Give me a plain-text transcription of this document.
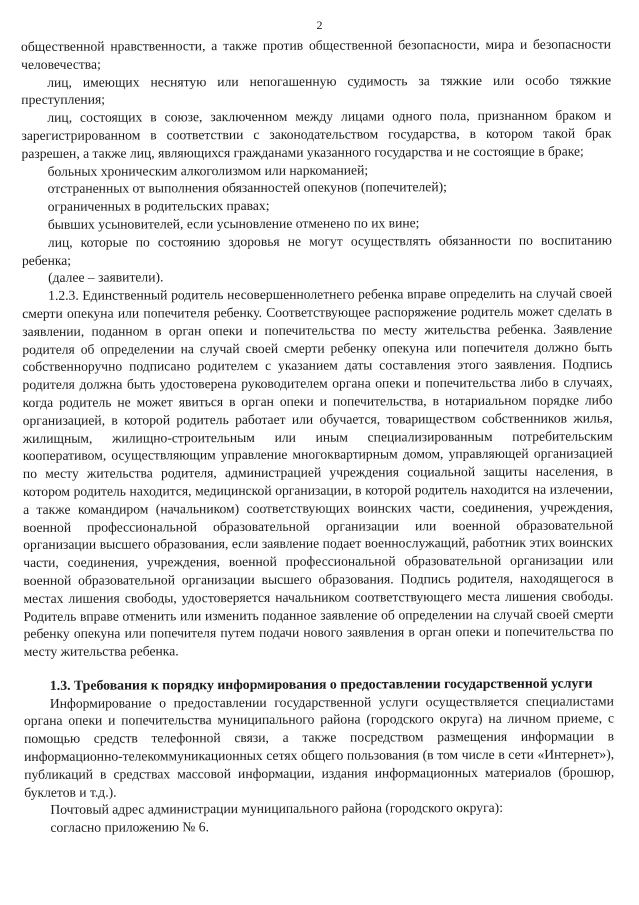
2

общественной нравственности, а также против общественной безопасности, мира и безопасности человечества;

лиц, имеющих неснятую или непогашенную судимость за тяжкие или особо тяжкие преступления;

лиц, состоящих в союзе, заключенном между лицами одного пола, признанном браком и зарегистрированном в соответствии с законодательством государства, в котором такой брак разрешен, а также лиц, являющихся гражданами указанного государства и не состоящие в браке;

больных хроническим алкоголизмом или наркоманией;

отстраненных от выполнения обязанностей опекунов (попечителей);

ограниченных в родительских правах;

бывших усыновителей, если усыновление отменено по их вине;

лиц, которые по состоянию здоровья не могут осуществлять обязанности по воспитанию ребенка;

(далее – заявители).

1.2.3. Единственный родитель несовершеннолетнего ребенка вправе определить на случай своей смерти опекуна или попечителя ребенку. Соответствующее распоряжение родитель может сделать в заявлении, поданном в орган опеки и попечительства по месту жительства ребенка. Заявление родителя об определении на случай своей смерти ребенку опекуна или попечителя должно быть собственноручно подписано родителем с указанием даты составления этого заявления. Подпись родителя должна быть удостоверена руководителем органа опеки и попечительства либо в случаях, когда родитель не может явиться в орган опеки и попечительства, в нотариальном порядке либо организацией, в которой родитель работает или обучается, товариществом собственников жилья, жилищным, жилищно-строительным или иным специализированным потребительским кооперативом, осуществляющим управление многоквартирным домом, управляющей организацией по месту жительства родителя, администрацией учреждения социальной защиты населения, в котором родитель находится, медицинской организации, в которой родитель находится на излечении, а также командиром (начальником) соответствующих воинских части, соединения, учреждения, военной профессиональной образовательной организации или военной образовательной организации высшего образования, если заявление подает военнослужащий, работник этих воинских части, соединения, учреждения, военной профессиональной образовательной организации или военной образовательной организации высшего образования. Подпись родителя, находящегося в местах лишения свободы, удостоверяется начальником соответствующего места лишения свободы. Родитель вправе отменить или изменить поданное заявление об определении на случай своей смерти ребенку опекуна или попечителя путем подачи нового заявления в орган опеки и попечительства по месту жительства ребенка.

1.3. Требования к порядку информирования о предоставлении государственной услуги

Информирование о предоставлении государственной услуги осуществляется специалистами органа опеки и попечительства муниципального района (городского округа) на личном приеме, с помощью средств телефонной связи, а также посредством размещения информации в информационно-телекоммуникационных сетях общего пользования (в том числе в сети «Интернет»), публикаций в средствах массовой информации, издания информационных материалов (брошюр, буклетов и т.д.).

Почтовый адрес администрации муниципального района (городского округа):

согласно приложению № 6.
